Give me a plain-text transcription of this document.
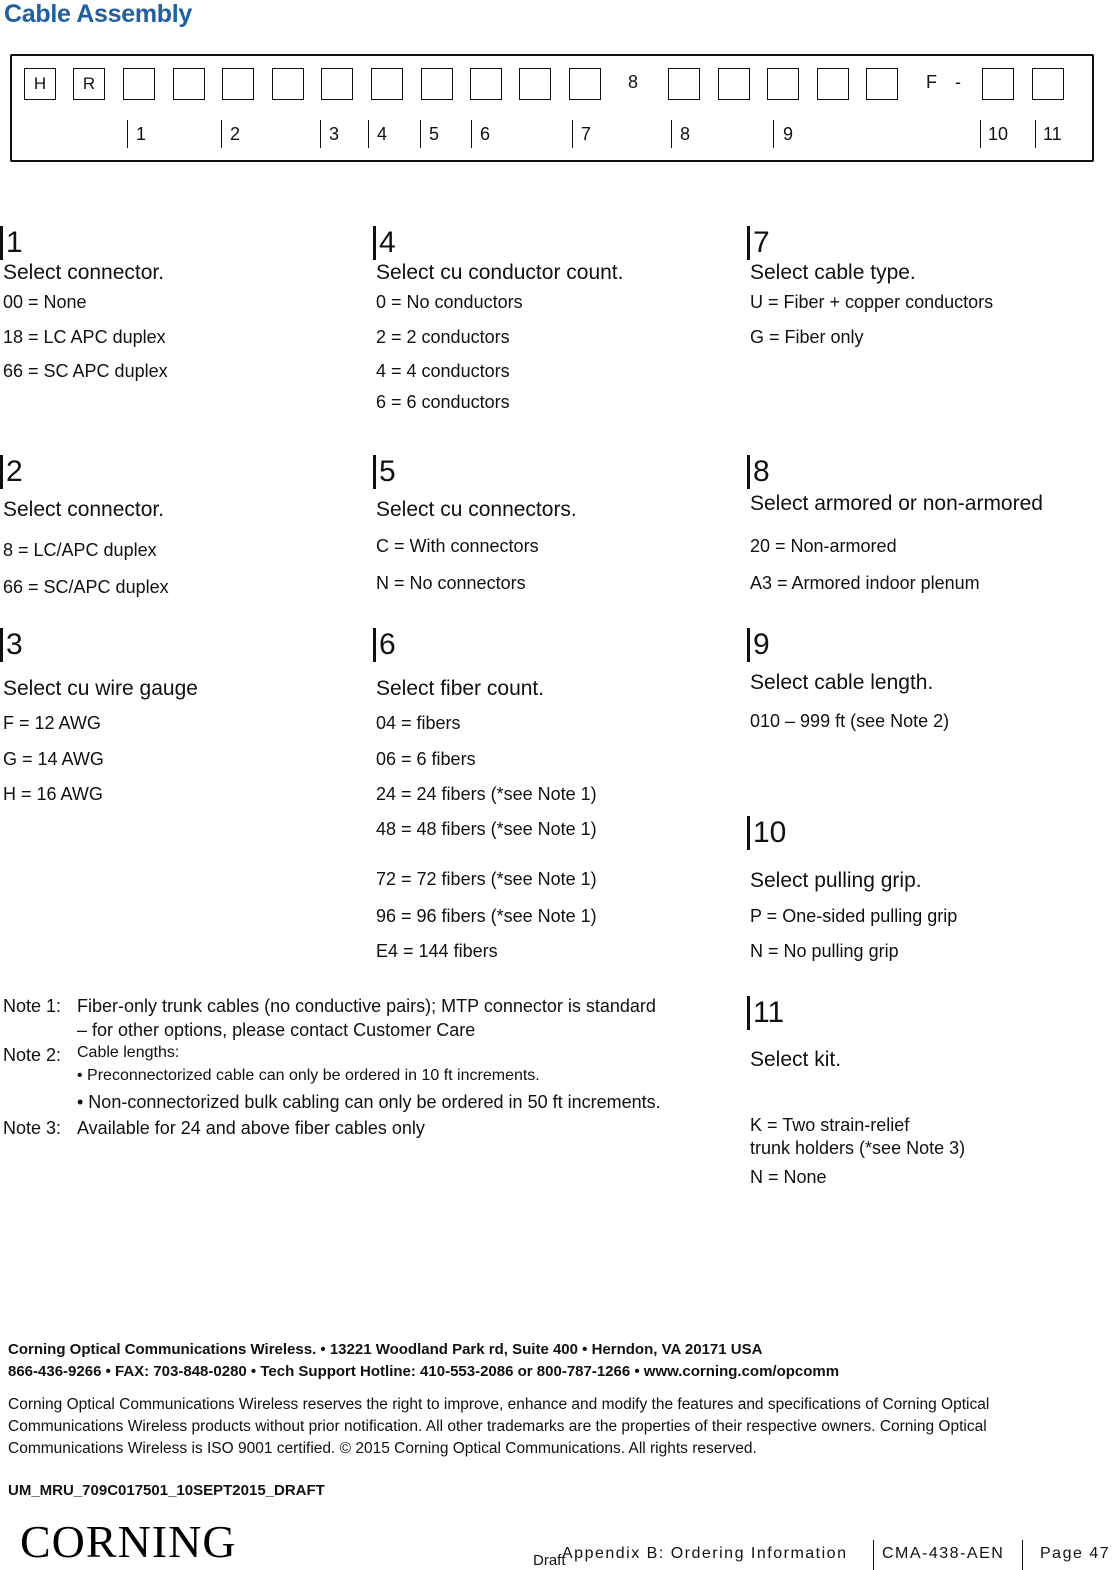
Cable Assembly
H	R	8	F -
1	2	3 4 5 6	7	8	9	10 11
1
Select connector.
00 = None
18 = LC APC duplex
66 = SC APC duplex
4
Select cu conductor count.
0 = No conductors
2 = 2 conductors
4 = 4 conductors
6 = 6 conductors
7
Select cable type.
U = Fiber + copper conductors
G = Fiber only
2
Select connector.
8 = LC/APC duplex
66 = SC/APC duplex
5
Select cu connectors.
C = With connectors
N = No connectors
8
Select armored or non-armored
20 = Non-armored
A3 = Armored indoor plenum
3
Select cu wire gauge
F = 12 AWG
G = 14 AWG
H = 16 AWG
6
Select fiber count.
04 = fibers
06 = 6 fibers
24 = 24 fibers (*see Note 1)
48 = 48 fibers (*see Note 1)
72 = 72 fibers (*see Note 1)
96 = 96 fibers (*see Note 1)
E4 = 144 fibers
9
Select cable length.
010 – 999 ft (see Note 2)
10
Select pulling grip.
P = One-sided pulling grip
N = No pulling grip
11
Select kit.
K = Two strain-relief
trunk holders (*see Note 3)
N = None
Note 1: Fiber-only trunk cables (no conductive pairs); MTP connector is standard
– for other options, please contact Customer Care
Note 2: Cable lengths:
• Preconnectorized cable can only be ordered in 10 ft increments.
• Non-connectorized bulk cabling can only be ordered in 50 ft increments.
Note 3: Available for 24 and above fiber cables only
Corning Optical Communications Wireless. • 13221 Woodland Park rd, Suite 400 • Herndon, VA 20171 USA
866-436-9266 • FAX: 703-848-0280 • Tech Support Hotline: 410-553-2086 or 800-787-1266 • www.corning.com/opcomm
Corning Optical Communications Wireless reserves the right to improve, enhance and modify the features and specifications of Corning Optical Communications Wireless products without prior notification. All other trademarks are the properties of their respective owners. Corning Optical Communications Wireless is ISO 9001 certified. © 2015 Corning Optical Communications. All rights reserved.
UM_MRU_709C017501_10SEPT2015_DRAFT
CORNING	Appendix B: Ordering Information CMA-438-AEN Page 47
Draft
